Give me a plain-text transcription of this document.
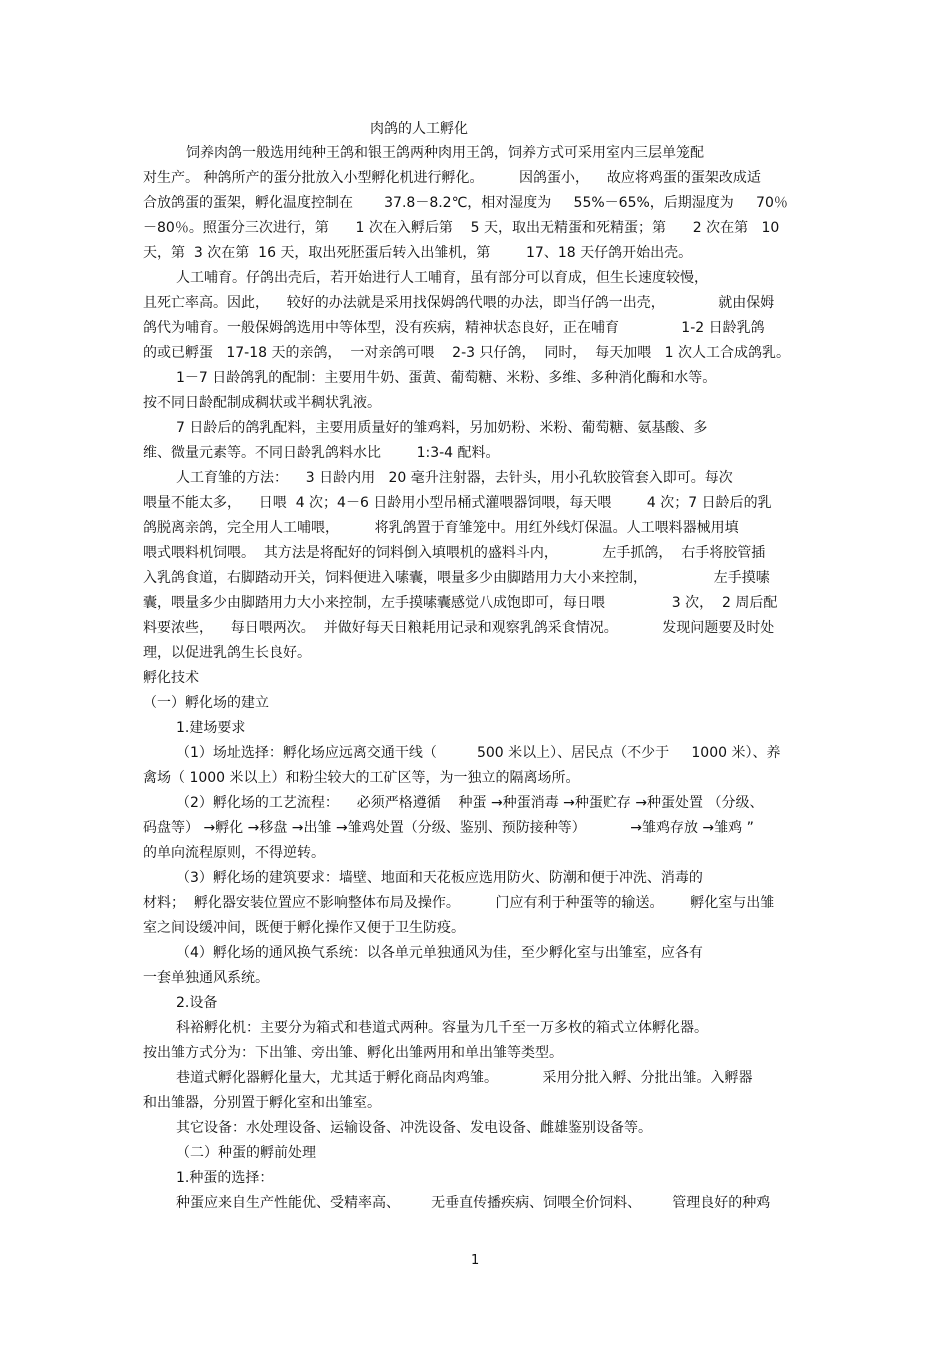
肉鸽的人工孵化
饲养肉鸽一般选用纯种王鸽和银王鸽两种肉用王鸽，饲养方式可采用室内三层单笼配
对生产。 种鸽所产的蛋分批放入小型孵化机进行孵化。        因鸽蛋小，    故应将鸡蛋的蛋架改成适
合放鸽蛋的蛋架，孵化温度控制在       37.8－8.2℃，相对湿度为     55%－65%，后期湿度为     70％
－80％。照蛋分三次进行，第      1 次在入孵后第    5 天，取出无精蛋和死精蛋；第      2 次在第   10
天，第  3 次在第  16 天，取出死胚蛋后转入出雏机，第        17、18 天仔鸽开始出壳。
人工哺育。仔鸽出壳后，若开始进行人工哺育，虽有部分可以育成，但生长速度较慢，
且死亡率高。因此，    较好的办法就是采用找保姆鸽代喂的办法，即当仔鸽一出壳，            就由保姆
鸽代为哺育。一般保姆鸽选用中等体型，没有疾病，精神状态良好，正在哺育              1-2 日龄乳鸽
的或已孵蛋   17-18 天的亲鸽，  一对亲鸽可喂    2-3 只仔鸽，  同时，  每天加喂   1 次人工合成鸽乳。
1－7 日龄鸽乳的配制：主要用牛奶、蛋黄、葡萄糖、米粉、多维、多种消化酶和水等。
按不同日龄配制成稠状或半稠状乳液。
7 日龄后的鸽乳配料，主要用质量好的雏鸡料，另加奶粉、米粉、葡萄糖、氨基酸、多
维、微量元素等。不同日龄乳鸽料水比        1:3-4 配料。
人工育雏的方法：    3 日龄内用   20 毫升注射器，去针头，用小孔软胶管套入即可。每次
喂量不能太多，    日喂  4 次；4－6 日龄用小型吊桶式灌喂器饲喂，每天喂        4 次；7 日龄后的乳
鸽脱离亲鸽，完全用人工哺喂，        将乳鸽置于育雏笼中。用红外线灯保温。人工喂料器械用填
喂式喂料机饲喂。  其方法是将配好的饲料倒入填喂机的盛料斗内，          左手抓鸽，  右手将胶管插
入乳鸽食道，右脚踏动开关，饲料便进入嗉囊，喂量多少由脚踏用力大小来控制，               左手摸嗉
囊，喂量多少由脚踏用力大小来控制，左手摸嗉囊感觉八成饱即可，每日喂               3 次，  2 周后配
料要浓些，    每日喂两次。  并做好每天日粮耗用记录和观察乳鸽采食情况。          发现问题要及时处
理，以促进乳鸽生长良好。
孵化技术
（一）孵化场的建立
1.建场要求
（1）场址选择：孵化场应远离交通干线（         500 米以上）、居民点（不少于     1000 米）、养
禽场（ 1000 米以上）和粉尘较大的工矿区等，为一独立的隔离场所。
（2）孵化场的工艺流程：    必须严格遵循    种蛋 →种蛋消毒 →种蛋贮存 →种蛋处置 （分级、
码盘等） →孵化 →移盘 →出雏 →雏鸡处置（分级、鉴别、预防接种等）          →雏鸡存放 →雏鸡 ”
的单向流程原则，不得逆转。
（3）孵化场的建筑要求：墙壁、地面和天花板应选用防火、防潮和便于冲洗、消毒的
材料；  孵化器安装位置应不影响整体布局及操作。        门应有利于种蛋等的输送。      孵化室与出雏
室之间设缓冲间，既便于孵化操作又便于卫生防疫。
（4）孵化场的通风换气系统：以各单元单独通风为佳，至少孵化室与出雏室，应各有
一套单独通风系统。
2.设备
科裕孵化机：主要分为箱式和巷道式两种。容量为几千至一万多枚的箱式立体孵化器。
按出雏方式分为：下出雏、旁出雏、孵化出雏两用和单出雏等类型。
巷道式孵化器孵化量大，尤其适于孵化商品肉鸡雏。          采用分批入孵、分批出雏。入孵器
和出雏器，分别置于孵化室和出雏室。
其它设备：水处理设备、运输设备、冲洗设备、发电设备、雌雄鉴别设备等。
（二）种蛋的孵前处理
1.种蛋的选择：
种蛋应来自生产性能优、受精率高、       无垂直传播疾病、饲喂全价饲料、       管理良好的种鸡
1
